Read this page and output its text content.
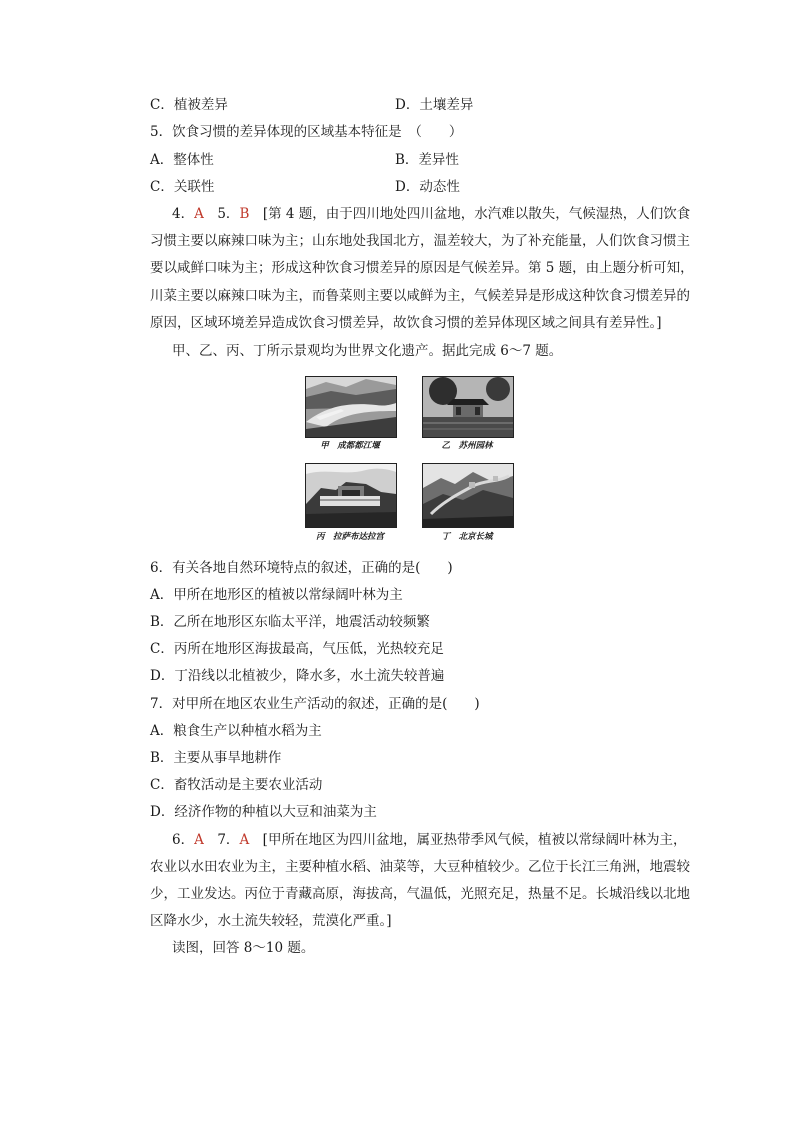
C．植被差异	D．土壤差异
5．饮食习惯的差异体现的区域基本特征是　（　　）
A．整体性	B．差异性
C．关联性	D．动态性
4．A　5．B　[第 4 题，由于四川地处四川盆地，水汽难以散失，气候湿热，人们饮食
习惯主要以麻辣口味为主；山东地处我国北方，温差较大，为了补充能量，人们饮食习惯主
要以咸鲜口味为主；形成这种饮食习惯差异的原因是气候差异。第 5 题，由上题分析可知，
川菜主要以麻辣口味为主，而鲁菜则主要以咸鲜为主，气候差异是形成这种饮食习惯差异的
原因，区域环境差异造成饮食习惯差异，故饮食习惯的差异体现区域之间具有差异性。]
甲、乙、丙、丁所示景观均为世界文化遗产。据此完成 6～7 题。
甲　成都都江堰	乙　苏州园林
丙　拉萨布达拉宫	丁　北京长城
6．有关各地自然环境特点的叙述，正确的是(　　)
A．甲所在地形区的植被以常绿阔叶林为主
B．乙所在地形区东临太平洋，地震活动较频繁
C．丙所在地形区海拔最高，气压低，光热较充足
D．丁沿线以北植被少，降水多，水土流失较普遍
7．对甲所在地区农业生产活动的叙述，正确的是(　　)
A．粮食生产以种植水稻为主
B．主要从事旱地耕作
C．畜牧活动是主要农业活动
D．经济作物的种植以大豆和油菜为主
6．A　7．A　[甲所在地区为四川盆地，属亚热带季风气候，植被以常绿阔叶林为主，
农业以水田农业为主，主要种植水稻、油菜等，大豆种植较少。乙位于长江三角洲，地震较
少，工业发达。丙位于青藏高原，海拔高，气温低，光照充足，热量不足。长城沿线以北地
区降水少，水土流失较轻，荒漠化严重。]
读图，回答 8～10 题。
